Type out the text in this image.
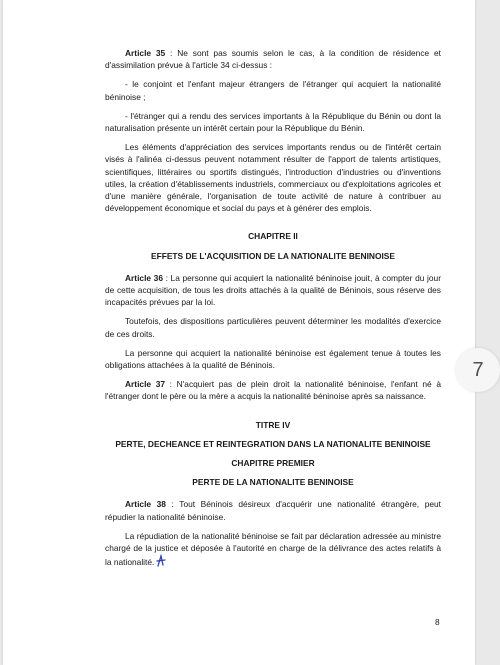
Article 35 : Ne sont pas soumis selon le cas, à la condition de résidence et d'assimilation prévue à l'article 34 ci-dessus :

- le conjoint et l'enfant majeur étrangers de l'étranger qui acquiert la nationalité béninoise ;

- l'étranger qui a rendu des services importants à la République du Bénin ou dont la naturalisation présente un intérêt certain pour la République du Bénin.

Les éléments d'appréciation des services importants rendus ou de l'intérêt certain visés à l'alinéa ci-dessus peuvent notamment résulter de l'apport de talents artistiques, scientifiques, littéraires ou sportifs distingués, l'introduction d'industries ou d'inventions utiles, la création d'établissements industriels, commerciaux ou d'exploitations agricoles et d'une manière générale, l'organisation de toute activité de nature à contribuer au développement économique et social du pays et à générer des emplois.

CHAPITRE II

EFFETS DE L'ACQUISITION DE LA NATIONALITE BENINOISE

Article 36 : La personne qui acquiert la nationalité béninoise jouit, à compter du jour de cette acquisition, de tous les droits attachés à la qualité de Béninois, sous réserve des incapacités prévues par la loi.

Toutefois, des dispositions particulières peuvent déterminer les modalités d'exercice de ces droits.

La personne qui acquiert la nationalité béninoise est également tenue à toutes les obligations attachées à la qualité de Béninois.

Article 37 : N'acquiert pas de plein droit la nationalité béninoise, l'enfant né à l'étranger dont le père ou la mère a acquis la nationalité béninoise après sa naissance.

TITRE IV

PERTE, DECHEANCE ET REINTEGRATION DANS LA NATIONALITE BENINOISE

CHAPITRE PREMIER

PERTE DE LA NATIONALITE BENINOISE

Article 38 : Tout Béninois désireux d'acquérir une nationalité étrangère, peut répudier la nationalité béninoise.

La répudiation de la nationalité béninoise se fait par déclaration adressée au ministre chargé de la justice et déposée à l'autorité en charge de la délivrance des actes relatifs à la nationalité.

8
7
